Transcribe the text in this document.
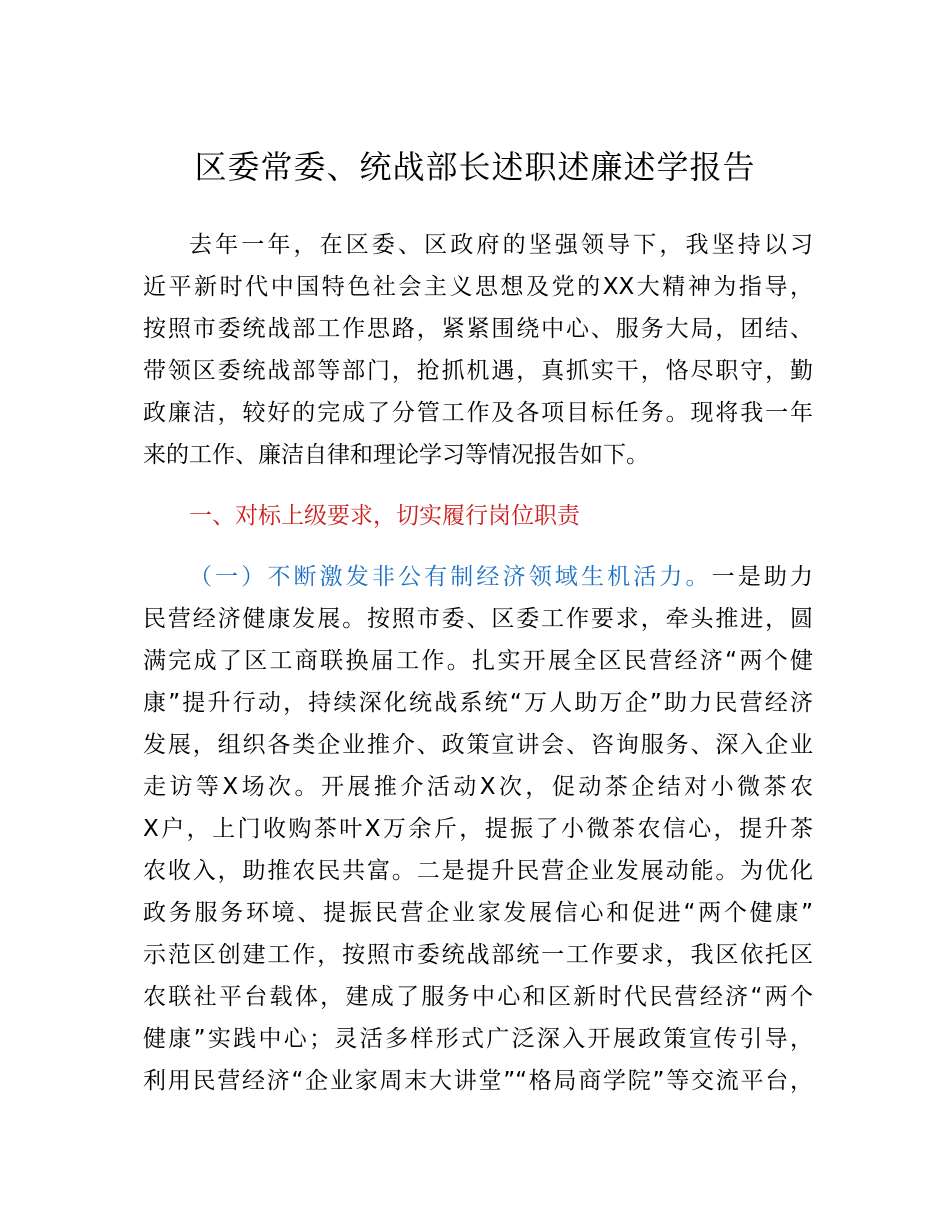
区委常委、统战部长述职述廉述学报告
去年一年，在区委、区政府的坚强领导下，我坚持以习
近平新时代中国特色社会主义思想及党的XX大精神为指导，
按照市委统战部工作思路，紧紧围绕中心、服务大局，团结、
带领区委统战部等部门，抢抓机遇，真抓实干，恪尽职守，勤
政廉洁，较好的完成了分管工作及各项目标任务。现将我一年
来的工作、廉洁自律和理论学习等情况报告如下。
一、对标上级要求，切实履行岗位职责
（一）不断激发非公有制经济领域生机活力。一是助力
民营经济健康发展。按照市委、区委工作要求，牵头推进，圆
满完成了区工商联换届工作。扎实开展全区民营经济“两个健
康”提升行动，持续深化统战系统“万人助万企”助力民营经济
发展，组织各类企业推介、政策宣讲会、咨询服务、深入企业
走访等X场次。开展推介活动X次，促动茶企结对小微茶农
X户，上门收购茶叶X万余斤，提振了小微茶农信心，提升茶
农收入，助推农民共富。二是提升民营企业发展动能。为优化
政务服务环境、提振民营企业家发展信心和促进“两个健康”
示范区创建工作，按照市委统战部统一工作要求，我区依托区
农联社平台载体，建成了服务中心和区新时代民营经济“两个
健康”实践中心；灵活多样形式广泛深入开展政策宣传引导，
利用民营经济“企业家周末大讲堂”“格局商学院”等交流平台，
